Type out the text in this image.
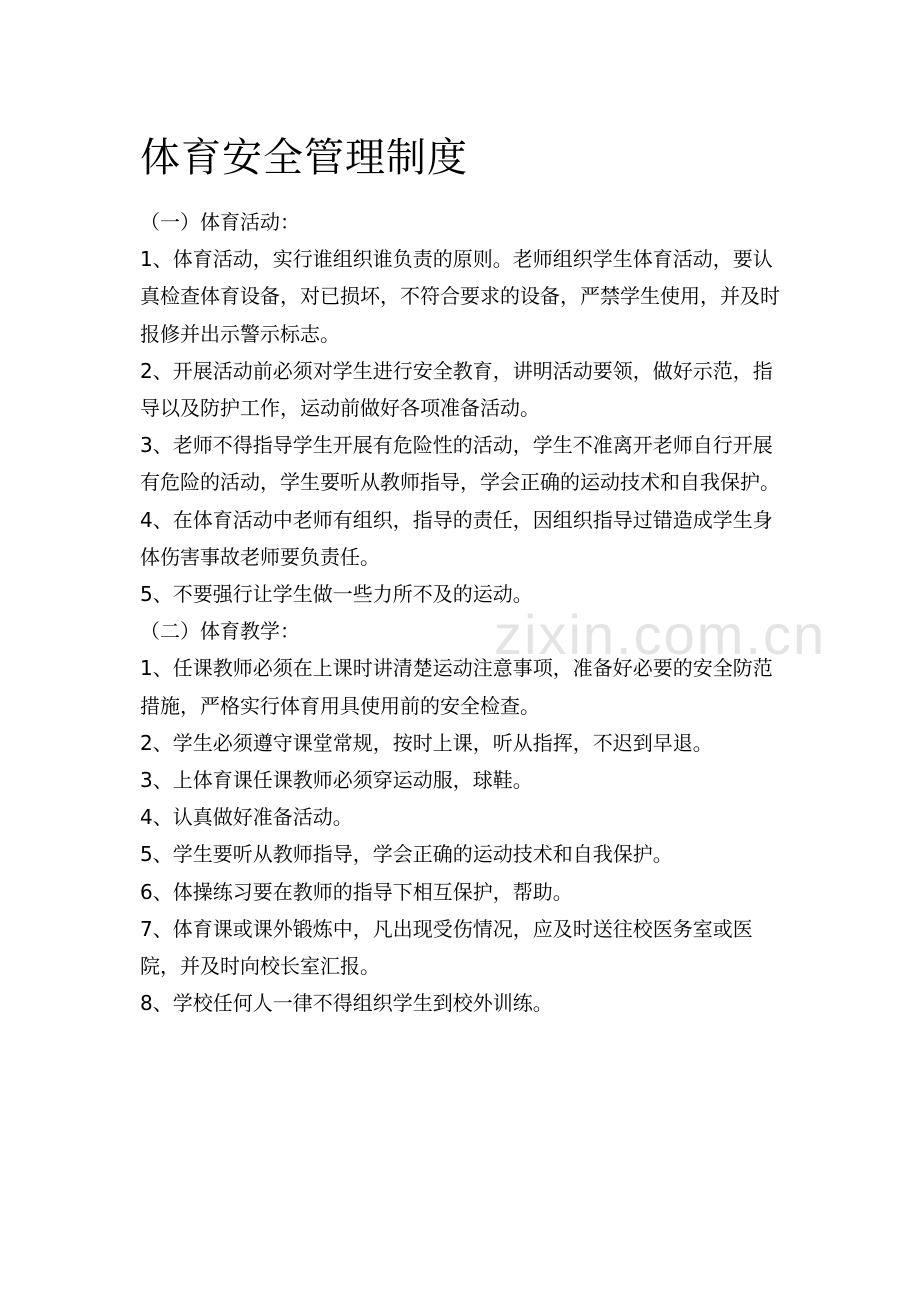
体育安全管理制度

（一）体育活动：

1、体育活动，实行谁组织谁负责的原则。老师组织学生体育活动，要认真检查体育设备，对已损坏，不符合要求的设备，严禁学生使用，并及时报修并出示警示标志。

2、开展活动前必须对学生进行安全教育，讲明活动要领，做好示范，指导以及防护工作，运动前做好各项准备活动。

3、老师不得指导学生开展有危险性的活动，学生不准离开老师自行开展有危险的活动，学生要听从教师指导，学会正确的运动技术和自我保护。

4、在体育活动中老师有组织，指导的责任，因组织指导过错造成学生身体伤害事故老师要负责任。

5、不要强行让学生做一些力所不及的运动。

（二）体育教学：

1、任课教师必须在上课时讲清楚运动注意事项，准备好必要的安全防范措施，严格实行体育用具使用前的安全检查。

2、学生必须遵守课堂常规，按时上课，听从指挥，不迟到早退。

3、上体育课任课教师必须穿运动服，球鞋。

4、认真做好准备活动。

5、学生要听从教师指导，学会正确的运动技术和自我保护。

6、体操练习要在教师的指导下相互保护，帮助。

7、体育课或课外锻炼中，凡出现受伤情况，应及时送往校医务室或医院，并及时向校长室汇报。

8、学校任何人一律不得组织学生到校外训练。

zixin.com.cn
